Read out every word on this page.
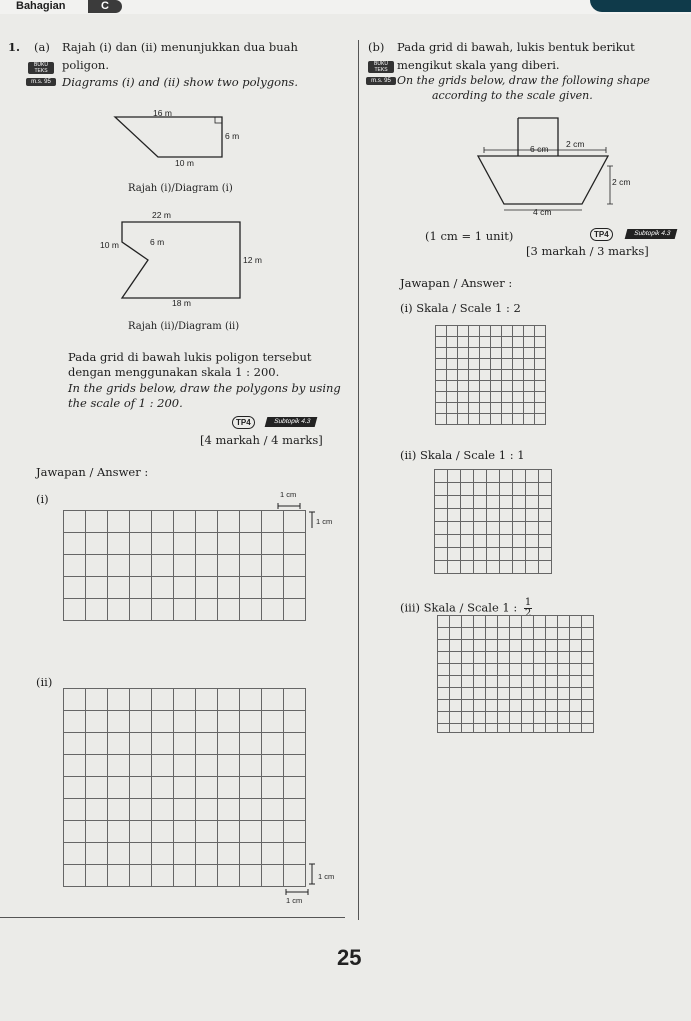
Bahagian	C
1. (a) Rajah (i) dan (ii) menunjukkan dua buah
BUKU TEKS	poligon.
m.s. 95 Diagrams (i) and (ii) show two polygons.
16 m
6 m
10 m
Rajah (i)/Diagram (i)
22 m
10 m	6 m
12 m
18 m
Rajah (ii)/Diagram (ii)
Pada grid di bawah lukis poligon tersebut
dengan menggunakan skala 1 : 200.
In the grids below, draw the polygons by using
the scale of 1 : 200.
TP4	Subtopik 4.3
[4 markah / 4 marks]
Jawapan / Answer :
(i)	1 cm
1 cm
(ii)
1 cm
1 cm
(b) Pada grid di bawah, lukis bentuk berikut
BUKU TEKS mengikut skala yang diberi.
m.s. 95 On the grids below, draw the following shape
according to the scale given.
2 cm
6 cm
2 cm
4 cm
(1 cm = 1 unit)	TP4	Subtopik 4.3
[3 markah / 3 marks]
Jawapan / Answer :
(i) Skala / Scale 1 : 2
(ii) Skala / Scale 1 : 1
(iii) Skala / Scale 1 : $\frac{1}{2}$
25
